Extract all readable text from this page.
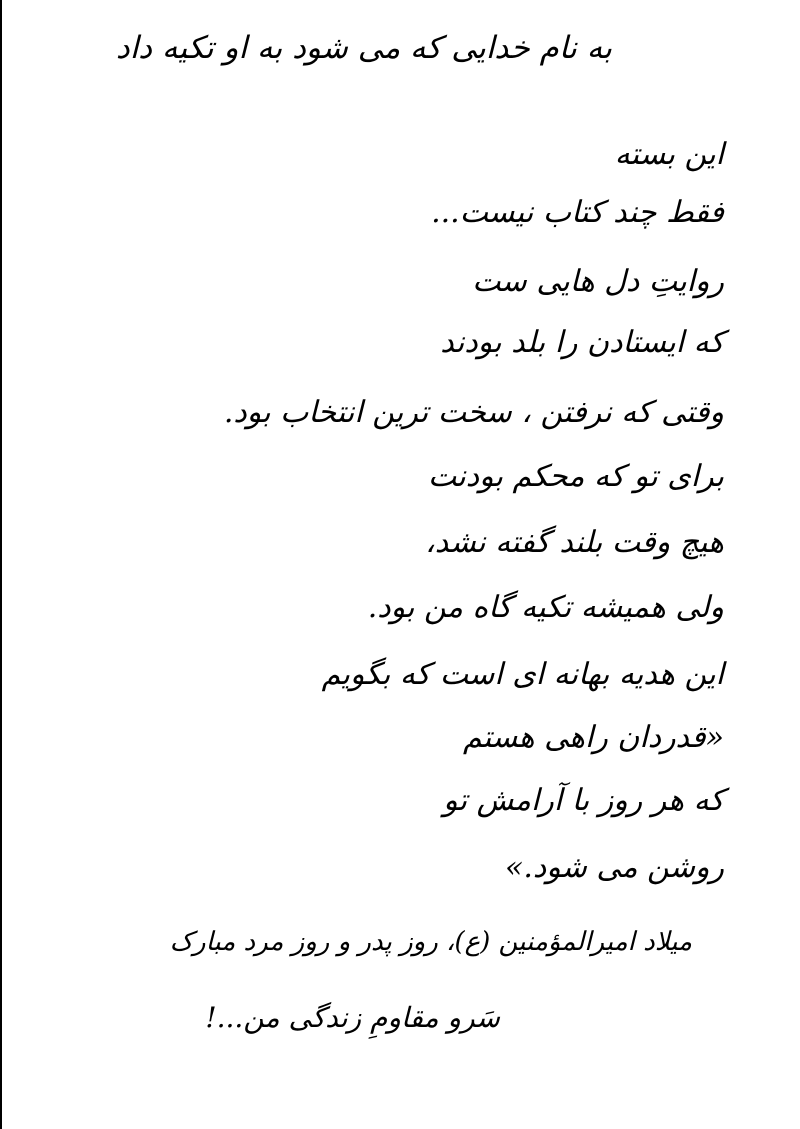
به نام خدایی که می شود به او تکیه داد
این بسته
فقط چند کتاب نیست...
روایتِ دل هایی ست
که ایستادن را بلد بودند
وقتی که نرفتن ، سخت ترین انتخاب بود.
برای تو که محکم بودنت
هیچ وقت بلند گفته نشد،
ولی همیشه تکیه گاه من بود.
این هدیه بهانه ای است که بگویم
«قدردان راهی هستم
که هر روز با آرامش تو
روشن می شود.»
میلاد امیرالمؤمنین (ع)، روز پدر و روز مرد مبارک
سَرو مقاومِ زندگی من...!
